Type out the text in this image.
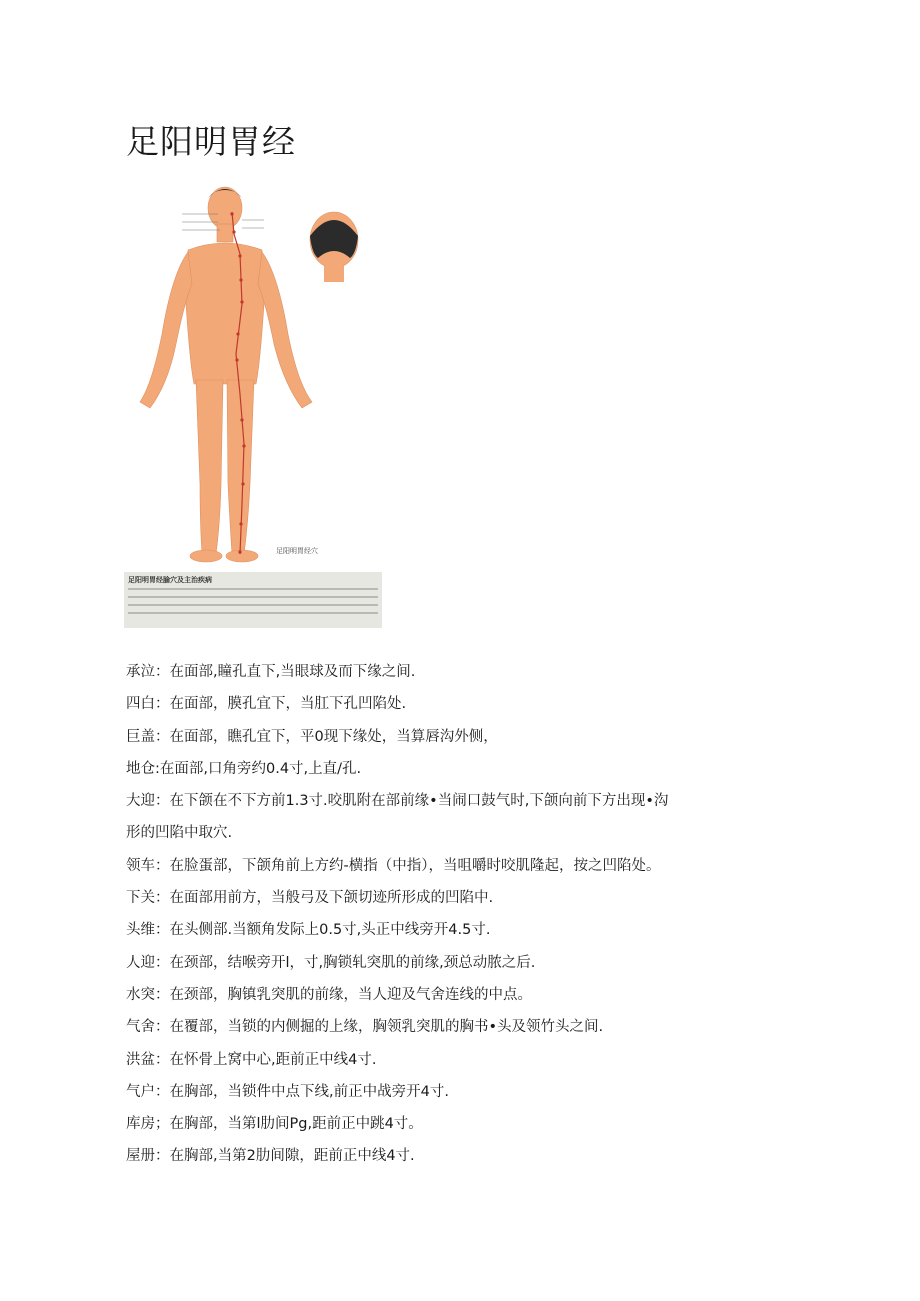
足阳明胃经
足阳明胃经穴
足阳明胃经腧穴及主治疾病

承泣：在面部,瞳孔直下,当眼球及而下缘之间.

四白：在面部，膜孔宜下，当肛下孔凹陷处.

巨盖：在面部，瞧孔宜下，平0现下缘处，当算唇沟外侧，

地仓:在面部,口角旁约0.4寸,上直/孔.

大迎：在下颌在不下方前1.3寸.咬肌附在部前缘•当闹口鼓气时,下颌向前下方出现•沟

形的凹陷中取穴.

领车：在脸蛋部，下颌角前上方约-横指（中指），当咀嚼时咬肌隆起，按之凹陷处。

下关：在面部用前方，当般弓及下颌切迹所形成的凹陷中.

头维：在头侧部.当额角发际上0.5寸,头正中线旁开4.5寸.

人迎：在颈部，结喉旁开l，寸,胸锁轧突肌的前缘,颈总动脓之后.

水突：在颈部，胸镇乳突肌的前缘，当人迎及气舍连线的中点。

气舍：在覆部，当锁的内侧掘的上缘，胸领乳突肌的胸书•头及领竹头之间.

洪盆：在怀骨上窝中心,距前正中线4寸.

气户：在胸部，当锁件中点下线,前正中战旁开4寸.

库房；在胸部，当第l肋间Pg,距前正中跳4寸。

屋册：在胸部,当第2肋间隙，距前正中线4寸.
